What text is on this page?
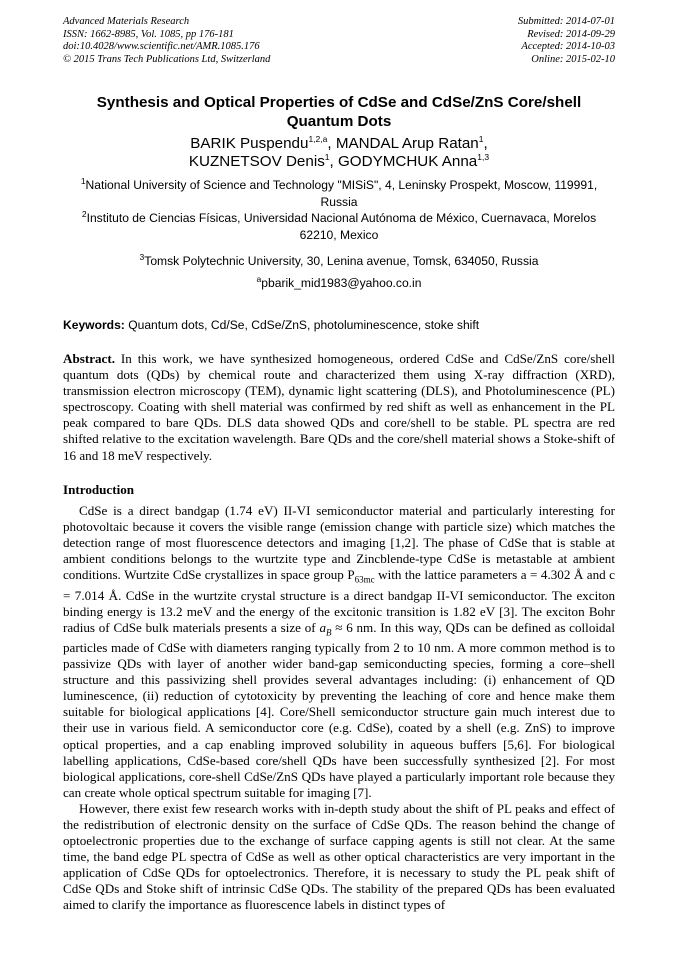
Advanced Materials Research
ISSN: 1662-8985, Vol. 1085, pp 176-181
doi:10.4028/www.scientific.net/AMR.1085.176
© 2015 Trans Tech Publications Ltd, Switzerland
Submitted: 2014-07-01
Revised: 2014-09-29
Accepted: 2014-10-03
Online: 2015-02-10
Synthesis and Optical Properties of CdSe and CdSe/ZnS Core/shell Quantum Dots
BARIK Puspendu$^{1,2,a}$, MANDAL Arup Ratan$^1$,
KUZNETSOV Denis$^1$, GODYMCHUK Anna$^{1,3}$
$^1$National University of Science and Technology "MISiS", 4, Leninsky Prospekt, Moscow, 119991, Russia
$^2$Instituto de Ciencias Físicas, Universidad Nacional Autónoma de México, Cuernavaca, Morelos 62210, Mexico
$^3$Tomsk Polytechnic University, 30, Lenina avenue, Tomsk, 634050, Russia
$^a$pbarik_mid1983@yahoo.co.in
Keywords: Quantum dots, Cd/Se, CdSe/ZnS, photoluminescence, stoke shift
Abstract. In this work, we have synthesized homogeneous, ordered CdSe and CdSe/ZnS core/shell quantum dots (QDs) by chemical route and characterized them using X-ray diffraction (XRD), transmission electron microscopy (TEM), dynamic light scattering (DLS), and Photoluminescence (PL) spectroscopy. Coating with shell material was confirmed by red shift as well as enhancement in the PL peak compared to bare QDs. DLS data showed QDs and core/shell to be stable. PL spectra are red shifted relative to the excitation wavelength. Bare QDs and the core/shell material shows a Stoke-shift of 16 and 18 meV respectively.
Introduction
CdSe is a direct bandgap (1.74 eV) II-VI semiconductor material and particularly interesting for photovoltaic because it covers the visible range (emission change with particle size) which matches the detection range of most fluorescence detectors and imaging [1,2]. The phase of CdSe that is stable at ambient conditions belongs to the wurtzite type and Zincblende-type CdSe is metastable at ambient conditions. Wurtzite CdSe crystallizes in space group $P_{63mc}$ with the lattice parameters a = 4.302 Å and c = 7.014 Å. CdSe in the wurtzite crystal structure is a direct bandgap II-VI semiconductor. The exciton binding energy is 13.2 meV and the energy of the excitonic transition is 1.82 eV [3]. The exciton Bohr radius of CdSe bulk materials presents a size of $a_B \approx 6$ nm. In this way, QDs can be defined as colloidal particles made of CdSe with diameters ranging typically from 2 to 10 nm. A more common method is to passivize QDs with layer of another wider band-gap semiconducting species, forming a core–shell structure and this passivizing shell provides several advantages including: (i) enhancement of QD luminescence, (ii) reduction of cytotoxicity by preventing the leaching of core and hence make them suitable for biological applications [4]. Core/Shell semiconductor structure gain much interest due to their use in various field. A semiconductor core (e.g. CdSe), coated by a shell (e.g. ZnS) to improve optical properties, and a cap enabling improved solubility in aqueous buffers [5,6]. For biological labelling applications, CdSe-based core/shell QDs have been successfully synthesized [2]. For most biological applications, core-shell CdSe/ZnS QDs have played a particularly important role because they can create whole optical spectrum suitable for imaging [7].
However, there exist few research works with in-depth study about the shift of PL peaks and effect of the redistribution of electronic density on the surface of CdSe QDs. The reason behind the change of optoelectronic properties due to the exchange of surface capping agents is still not clear. At the same time, the band edge PL spectra of CdSe as well as other optical characteristics are very important in the application of CdSe QDs for optoelectronics. Therefore, it is necessary to study the PL peak shift of CdSe QDs and Stoke shift of intrinsic CdSe QDs. The stability of the prepared QDs has been evaluated aimed to clarify the importance as fluorescence labels in distinct types of
